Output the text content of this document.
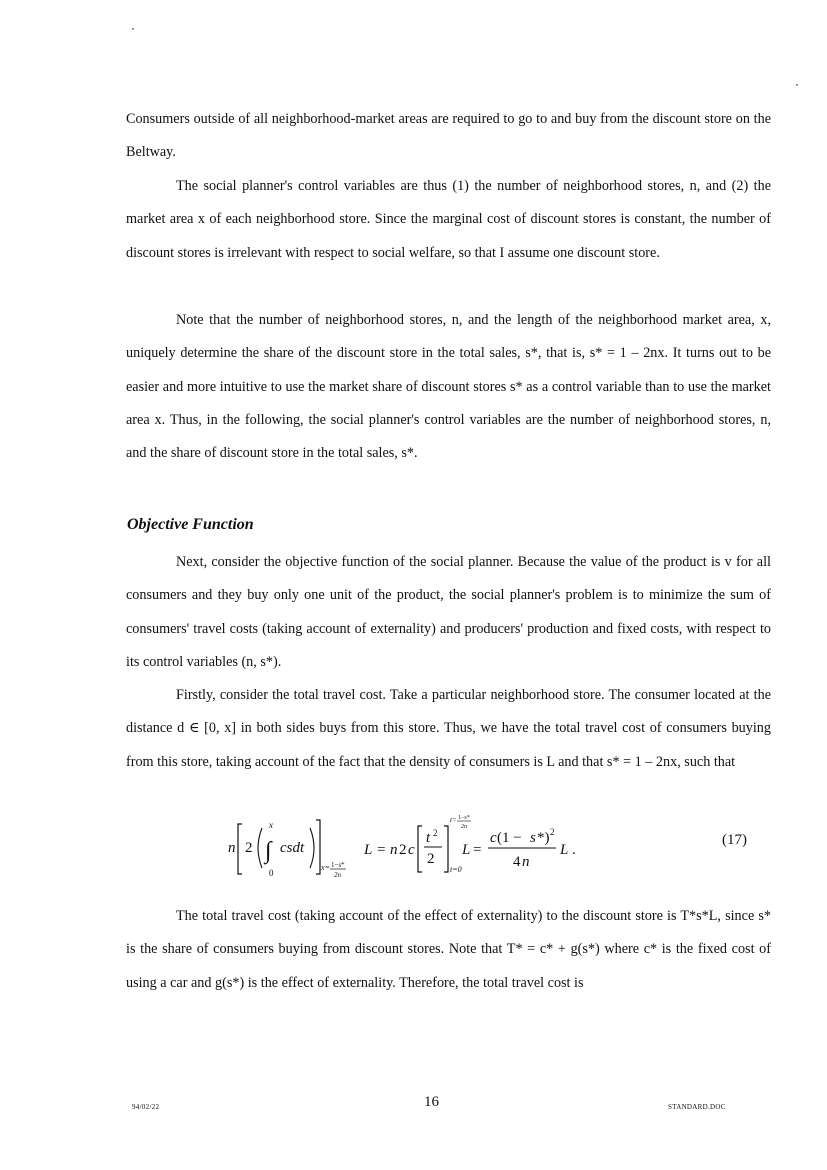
Consumers outside of all neighborhood-market areas are required to go to and buy from the discount store on the Beltway.

The social planner's control variables are thus (1) the number of neighborhood stores, n, and (2) the market area x of each neighborhood store. Since the marginal cost of discount stores is constant, the number of discount stores is irrelevant with respect to social welfare, so that I assume one discount store.

Note that the number of neighborhood stores, n, and the length of the neighborhood market area, x, uniquely determine the share of the discount store in the total sales, s*, that is, s* = 1 – 2nx. It turns out to be easier and more intuitive to use the market share of discount stores s* as a control variable than to use the market area x. Thus, in the following, the social planner's control variables are the number of neighborhood stores, n, and the share of discount store in the total sales, s*.

Objective Function

Next, consider the objective function of the social planner. Because the value of the product is v for all consumers and they buy only one unit of the product, the social planner's problem is to minimize the sum of consumers' travel costs (taking account of externality) and producers' production and fixed costs, with respect to its control variables (n, s*).

Firstly, consider the total travel cost. Take a particular neighborhood store. The consumer located at the distance d ∈ [0, x] in both sides buys from this store. Thus, we have the total travel cost of consumers buying from this store, taking account of the fact that the density of consumers is L and that s* = 1 – 2nx, such that

n 2 ∫
x
0
csdt
x= 1−s*
2n
L = n 2 c
t 2
2
t= 1−s*
2n
t=0
L =
c (1 − s *) 2
4 n
L .
(17)

The total travel cost (taking account of the effect of externality) to the discount store is T*s*L, since s* is the share of consumers buying from discount stores. Note that T* = c* + g(s*) where c* is the fixed cost of using a car and g(s*) is the effect of externality. Therefore, the total travel cost is

94/02/22	16	STANDARD.DOC
